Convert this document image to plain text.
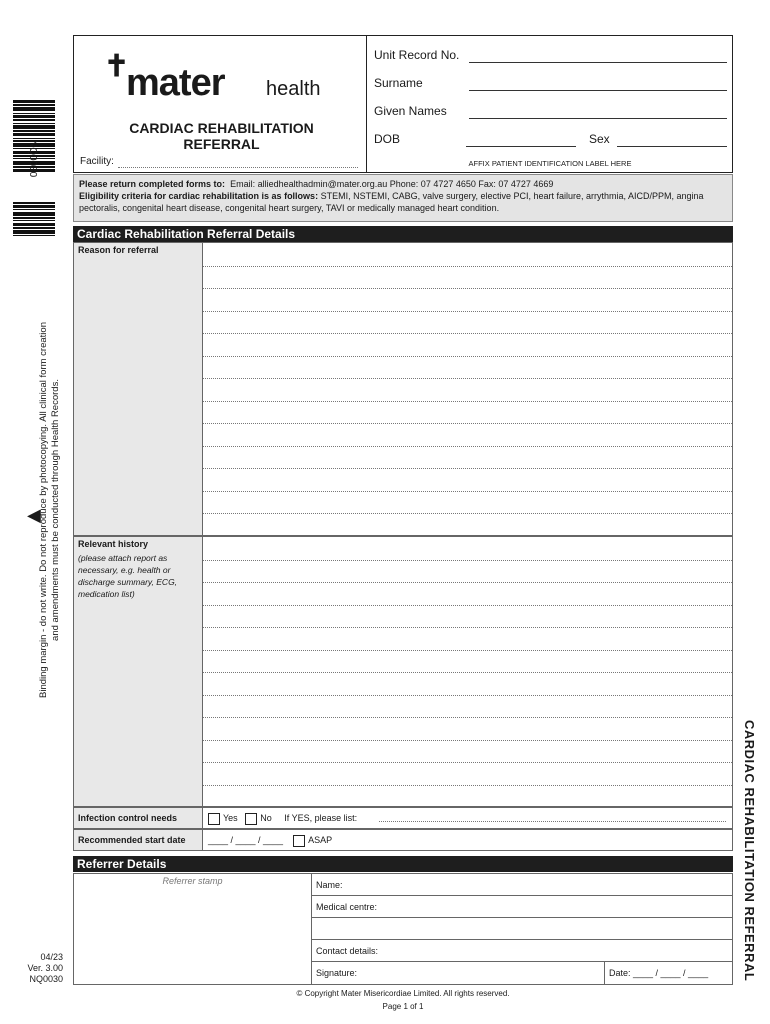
NQ0030
Binding margin - do not write. Do not reproduce by photocopying. All clinical form creation and amendments must be conducted through Health Records.
◀
04/23
Ver. 3.00
NQ0030
✝
mater health
CARDIAC REHABILITATION REFERRAL
Facility:
Unit Record No.
Surname
Given Names
DOB	Sex
AFFIX PATIENT IDENTIFICATION LABEL HERE
Please return completed forms to: Email: alliedhealthadmin@mater.org.au Phone: 07 4727 4650 Fax: 07 4727 4669
Eligibility criteria for cardiac rehabilitation is as follows: STEMI, NSTEMI, CABG, valve surgery, elective PCI, heart failure, arrythmia, AICD/PPM, angina pectoralis, congenital heart disease, congenital heart surgery, TAVI or medically managed heart condition.
Cardiac Rehabilitation Referral Details
Reason for referral
Relevant history
(please attach report as necessary, e.g. health or discharge summary, ECG, medication list)
Infection control needs	Yes	No If YES, please list:
Recommended start date	____ / ____ / ____	ASAP
Referrer Details
Referrer stamp	Name:
Medical centre:
Contact details:
Signature:	Date: ____ / ____ / ____	CARDIAC REHABILITATION REFERRAL
© Copyright Mater Misericordiae Limited. All rights reserved.
Page 1 of 1
